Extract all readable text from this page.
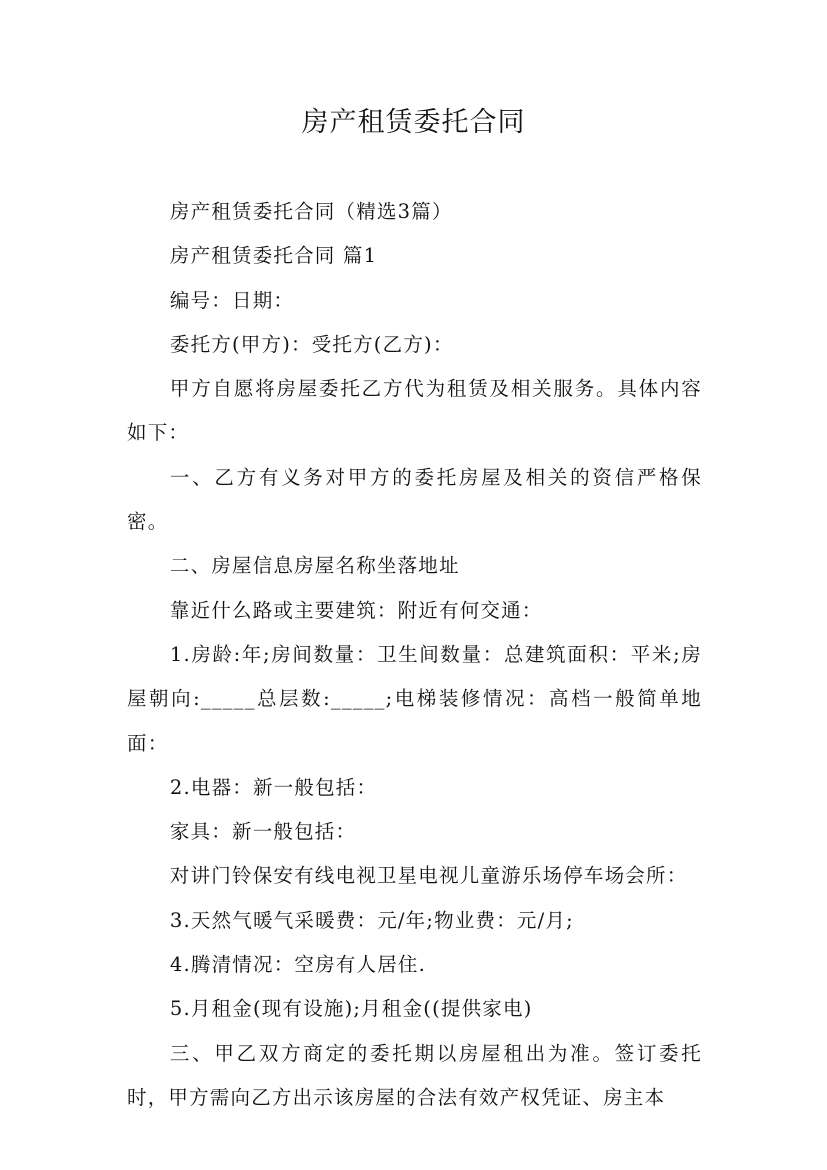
房产租赁委托合同

房产租赁委托合同（精选3篇）

房产租赁委托合同 篇1

编号：日期：

委托方(甲方)：受托方(乙方)：

甲方自愿将房屋委托乙方代为租赁及相关服务。具体内容如下：

一、乙方有义务对甲方的委托房屋及相关的资信严格保密。

二、房屋信息房屋名称坐落地址

靠近什么路或主要建筑：附近有何交通：

1.房龄:年;房间数量：卫生间数量：总建筑面积：平米;房屋朝向:_____总层数:_____;电梯装修情况：高档一般简单地面：

2.电器：新一般包括：

家具：新一般包括：

对讲门铃保安有线电视卫星电视儿童游乐场停车场会所：

3.天然气暖气采暖费：元/年;物业费：元/月;

4.腾清情况：空房有人居住.

5.月租金(现有设施);月租金((提供家电)

三、甲乙双方商定的委托期以房屋租出为准。签订委托时，甲方需向乙方出示该房屋的合法有效产权凭证、房主本
